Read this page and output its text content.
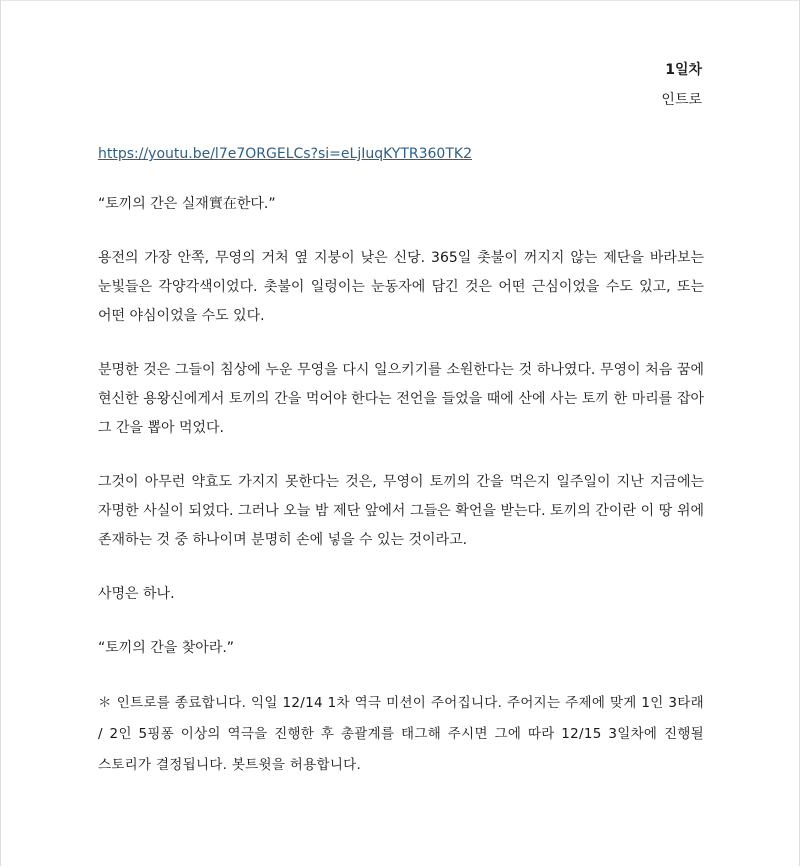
1일차
인트로
https://youtu.be/l7e7ORGELCs?si=eLjIuqKYTR360TK2

“토끼의 간은 실재實在한다.”

용전의 가장 안쪽, 무영의 거처 옆 지붕이 낮은 신당. 365일 촛불이 꺼지지 않는 제단을 바라보는 눈빛들은 각양각색이었다. 촛불이 일렁이는 눈동자에 담긴 것은 어떤 근심이었을 수도 있고, 또는 어떤 야심이었을 수도 있다.

분명한 것은 그들이 침상에 누운 무영을 다시 일으키기를 소원한다는 것 하나였다. 무영이 처음 꿈에 현신한 용왕신에게서 토끼의 간을 먹어야 한다는 전언을 들었을 때에 산에 사는 토끼 한 마리를 잡아 그 간을 뽑아 먹었다.

그것이 아무런 약효도 가지지 못한다는 것은, 무영이 토끼의 간을 먹은지 일주일이 지난 지금에는 자명한 사실이 되었다. 그러나 오늘 밤 제단 앞에서 그들은 확언을 받는다. 토끼의 간이란 이 땅 위에 존재하는 것 중 하나이며 분명히 손에 넣을 수 있는 것이라고.

사명은 하나.

“토끼의 간을 찾아라.”

＊ 인트로를 종료합니다. 익일 12/14 1차 역극 미션이 주어집니다. 주어지는 주제에 맞게 1인 3타래 / 2인 5핑퐁 이상의 역극을 진행한 후 총괄계를 태그해 주시면 그에 따라 12/15 3일차에 진행될 스토리가 결정됩니다. 봇트윗을 허용합니다.
